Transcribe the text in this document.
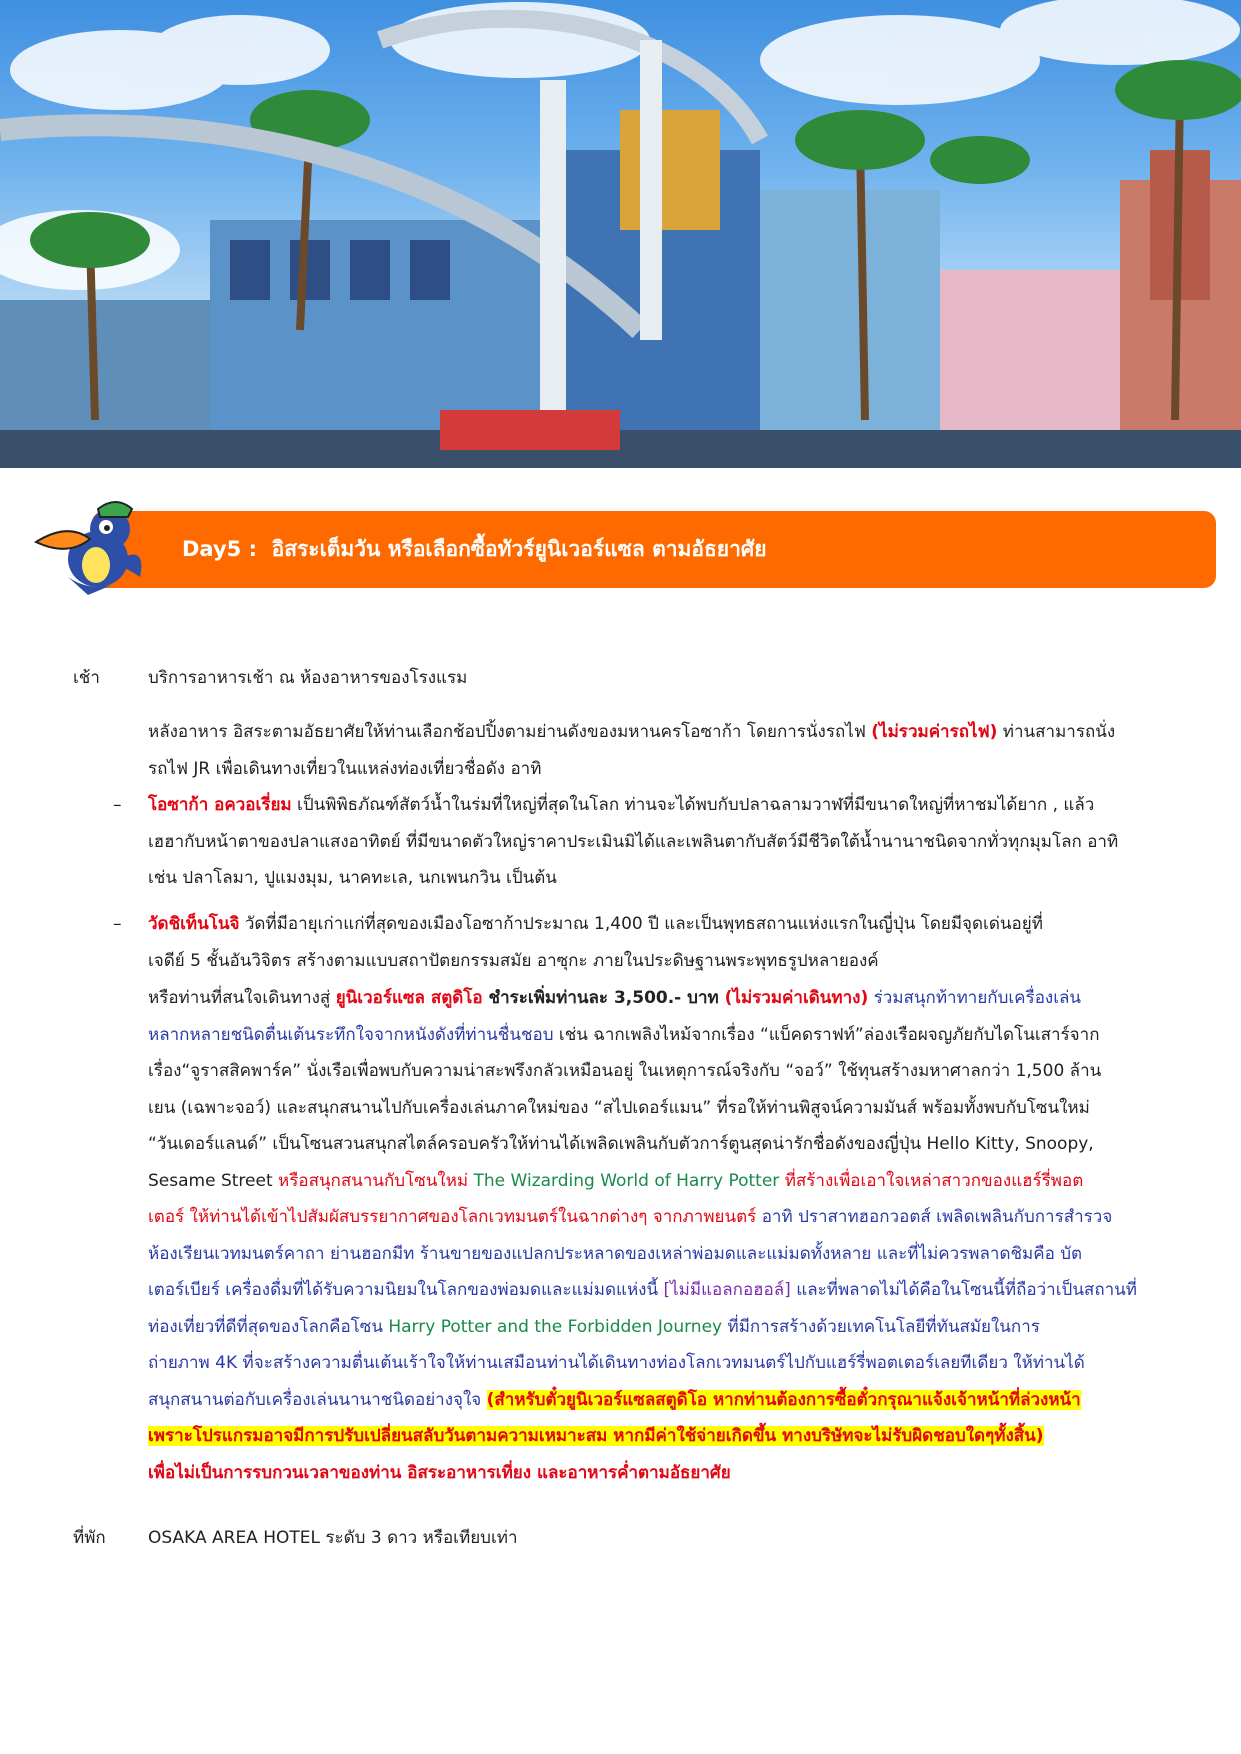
Day5 : อิสระเต็มวัน หรือเลือกซื้อทัวร์ยูนิเวอร์แซล ตามอัธยาศัย
เช้า	บริการอาหารเช้า ณ ห้องอาหารของโรงแรม
หลังอาหาร อิสระตามอัธยาศัยให้ท่านเลือกช้อปปิ้งตามย่านดังของมหานครโอซาก้า โดยการนั่งรถไฟ (ไม่รวมค่ารถไฟ) ท่านสามารถนั่ง
รถไฟ JR เพื่อเดินทางเที่ยวในแหล่งท่องเที่ยวชื่อดัง อาทิ
– โอซาก้า อควอเรี่ยม เป็นพิพิธภัณฑ์สัตว์น้ำในร่มที่ใหญ่ที่สุดในโลก ท่านจะได้พบกับปลาฉลามวาฬที่มีขนาดใหญ่ที่หาชมได้ยาก , แล้ว
เฮฮากับหน้าตาของปลาแสงอาทิตย์ ที่มีขนาดตัวใหญ่ราคาประเมินมิได้และเพลินตากับสัตว์มีชีวิตใต้น้ำนานาชนิดจากทั่วทุกมุมโลก อาทิ
เช่น ปลาโลมา, ปูแมงมุม, นาคทะเล, นกเพนกวิน เป็นต้น
– วัดชิเท็นโนจิ วัดที่มีอายุเก่าแก่ที่สุดของเมืองโอซาก้าประมาณ 1,400 ปี และเป็นพุทธสถานแห่งแรกในญี่ปุ่น โดยมีจุดเด่นอยู่ที่
เจดีย์ 5 ชั้นอันวิจิตร สร้างตามแบบสถาปัตยกรรมสมัย อาซุกะ ภายในประดิษฐานพระพุทธรูปหลายองค์
หรือท่านที่สนใจเดินทางสู่ ยูนิเวอร์แซล สตูดิโอ ชำระเพิ่มท่านละ 3,500.- บาท (ไม่รวมค่าเดินทาง) ร่วมสนุกท้าทายกับเครื่องเล่น
หลากหลายชนิดตื่นเต้นระทึกใจจากหนังดังที่ท่านชื่นชอบ เช่น ฉากเพลิงไหม้จากเรื่อง “แบ็คดราฟท์”ล่องเรือผจญภัยกับไดโนเสาร์จาก
เรื่อง“จูราสสิคพาร์ค” นั่งเรือเพื่อพบกับความน่าสะพรึงกลัวเหมือนอยู่ ในเหตุการณ์จริงกับ “จอว์” ใช้ทุนสร้างมหาศาลกว่า 1,500 ล้าน
เยน (เฉพาะจอว์) และสนุกสนานไปกับเครื่องเล่นภาคใหม่ของ “สไปเดอร์แมน” ที่รอให้ท่านพิสูจน์ความมันส์ พร้อมทั้งพบกับโซนใหม่
“วันเดอร์แลนด์” เป็นโซนสวนสนุกสไตล์ครอบครัวให้ท่านได้เพลิดเพลินกับตัวการ์ตูนสุดน่ารักชื่อดังของญี่ปุ่น Hello Kitty, Snoopy,
Sesame Street หรือสนุกสนานกับโซนใหม่ The Wizarding World of Harry Potter ที่สร้างเพื่อเอาใจเหล่าสาวกของแฮร์รี่พอต
เตอร์ ให้ท่านได้เข้าไปสัมผัสบรรยากาศของโลกเวทมนตร์ในฉากต่างๆ จากภาพยนตร์ อาทิ ปราสาทฮอกวอตส์ เพลิดเพลินกับการสำรวจ
ห้องเรียนเวทมนตร์คาถา ย่านฮอกมีท ร้านขายของแปลกประหลาดของเหล่าพ่อมดและแม่มดทั้งหลาย และที่ไม่ควรพลาดชิมคือ บัต
เตอร์เบียร์ เครื่องดื่มที่ได้รับความนิยมในโลกของพ่อมดและแม่มดแห่งนี้ [ไม่มีแอลกอฮอล์] และที่พลาดไม่ได้คือในโซนนี้ที่ถือว่าเป็นสถานที่
ท่องเที่ยวที่ดีที่สุดของโลกคือโซน Harry Potter and the Forbidden Journey ที่มีการสร้างด้วยเทคโนโลยีที่ทันสมัยในการ
ถ่ายภาพ 4K ที่จะสร้างความตื่นเต้นเร้าใจให้ท่านเสมือนท่านได้เดินทางท่องโลกเวทมนตร์ไปกับแฮร์รี่พอตเตอร์เลยทีเดียว ให้ท่านได้
สนุกสนานต่อกับเครื่องเล่นนานาชนิดอย่างจุใจ (สำหรับตั๋วยูนิเวอร์แซลสตูดิโอ หากท่านต้องการซื้อตั๋วกรุณาแจ้งเจ้าหน้าที่ล่วงหน้า
เพราะโปรแกรมอาจมีการปรับเปลี่ยนสลับวันตามความเหมาะสม หากมีค่าใช้จ่ายเกิดขึ้น ทางบริษัทจะไม่รับผิดชอบใดๆทั้งสิ้น)
เพื่อไม่เป็นการรบกวนเวลาของท่าน อิสระอาหารเที่ยง และอาหารค่ำตามอัธยาศัย
ที่พัก OSAKA AREA HOTEL ระดับ 3 ดาว หรือเทียบเท่า
